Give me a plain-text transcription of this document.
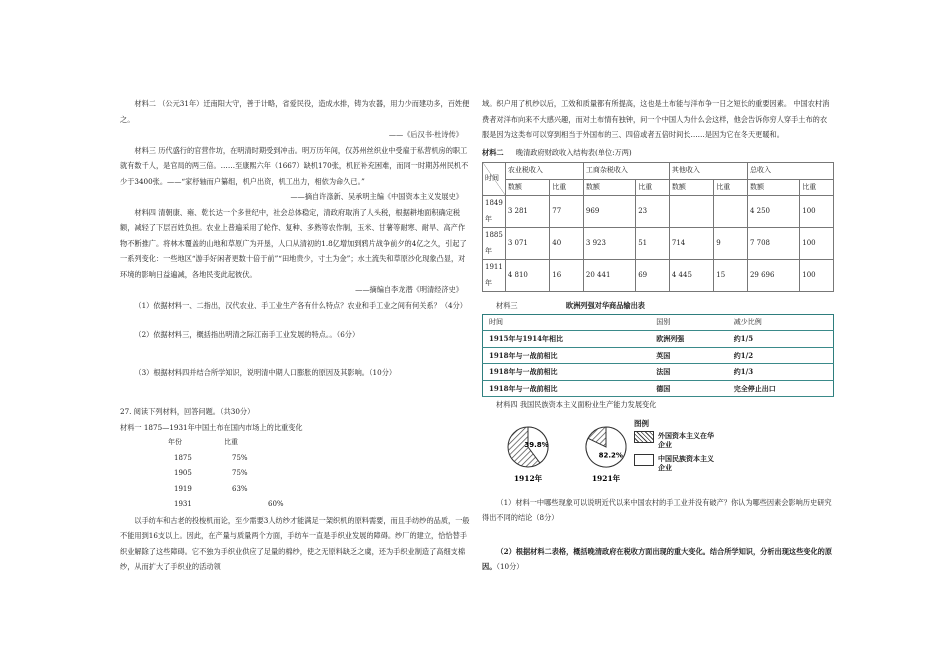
材料二 （公元31年）迁南阳大守，善于计略，省爱民役，造成水排，铸为农器，用力少而建功多，百姓便之。

——《后汉书·杜诗传》

材料三 历代盛行的官营作坊，在明清时期受到冲击。明万历年间，仅苏州丝织业中受雇于私营机房的职工就有数千人，是官局的两三倍。……至康熙六年（1667）缺机170张，机匠补充困难，而同一时期苏州民机不少于3400张。——“家杼轴而户纂组，机户出资，机工出力，相依为命久已。”

——摘自许涤新、吴承明主编《中国资本主义发展史》

材料四 清朝康、雍、乾长达一个多世纪中，社会总体稳定，清政府取消了人头税，根据耕地面积确定税额，减轻了下层百姓负担。农业上普遍采用了轮作、复种、多熟等农作制，玉米、甘薯等耐寒、耐旱、高产作物不断推广。将林木覆盖的山地和草原广为开垦，人口从清初的1.8亿增加到鸦片战争前夕的4亿之久，引起了一系列变化：一些地区“游手好闲者更数十倍于前”“田地贵少，寸土为金”；水土流失和草原沙化现象凸显，对环境的影响日益遍减，各地民变此起彼伏。

——摘编自李龙潜《明清经济史》

（1）依据材料一、二指出，汉代农业、手工业生产各有什么特点？农业和手工业之间有何关系？（4分）

（2）依据材料三，概括指出明清之际江南手工业发展的特点。。（6分）

（3）根据材料四并结合所学知识，说明清中期人口膨胀的原因及其影响。（10分）

27. 阅读下列材料，回答问题。（共30分）

材料一 1875—1931年中国土布在国内市场上的比重变化

年份	比重
1875	75%
1905	75%
1919	63%
1931	60%

以手纺车和古老的投梭机而论，至少需要3人纺纱才能满足一架织机的原料需要，而且手纺纱的品质，一般不能用到16支以上。因此，在产量与质量两个方面，手纺车一直是手织业发展的障碍。纱厂的建立，恰恰替手织业解除了这些障碍。它不独为手织业供应了足量的棉纱，使之无原料缺乏之虞，还为手织业制造了高细支棉纱，从而扩大了手织业的活动领

域。织户用了机纱以后，工效和质量都有所提高，这也是土布能与洋布争一日之短长的重要因素。 中国农村消费者对洋布向来不大感兴趣，而对土布情有独钟，问一个中国人为什么会这样，他会告诉你穷人穿手土布的衣服是因为这类布可以穿到相当于外国布的三、四倍或者五倍时间长……是因为它在冬天更暖和。

材料二 晚清政府财政收入结构表(单位:万两)

时间	农业税收入		工商杂税收入		其他收入		总收入	
	数额	比重	数额	比重	数额	比重	数额	比重
1849年	3 281	77	969	23			4 250	100
1885年	3 071	40	3 923	51	714	9	7 708	100
1911年	4 810	16	20 441	69	4 445	15	29 696	100

材料三	欧洲列强对华商品输出表

时间	国别	减少比例
1915年与1914年相比	欧洲列强	约1/5
1918年与一战前相比	英国	约1/2
1918年与一战前相比	法国	约1/3
1918年与一战前相比	德国	完全停止出口

材料四 我国民族资本主义面粉业生产能力发展变化

39.8%
1912年
82.2%
1921年
图例
外国资本主义在华企业
中国民族资本主义企业

（1）材料一中哪些现象可以说明近代以来中国农村的手工业并没有破产？你认为哪些因素会影响历史研究得出不同的结论（8分）

（2）根据材料二表格，概括晚清政府在税收方面出现的重大变化。结合所学知识，分析出现这些变化的原因。（10分）
